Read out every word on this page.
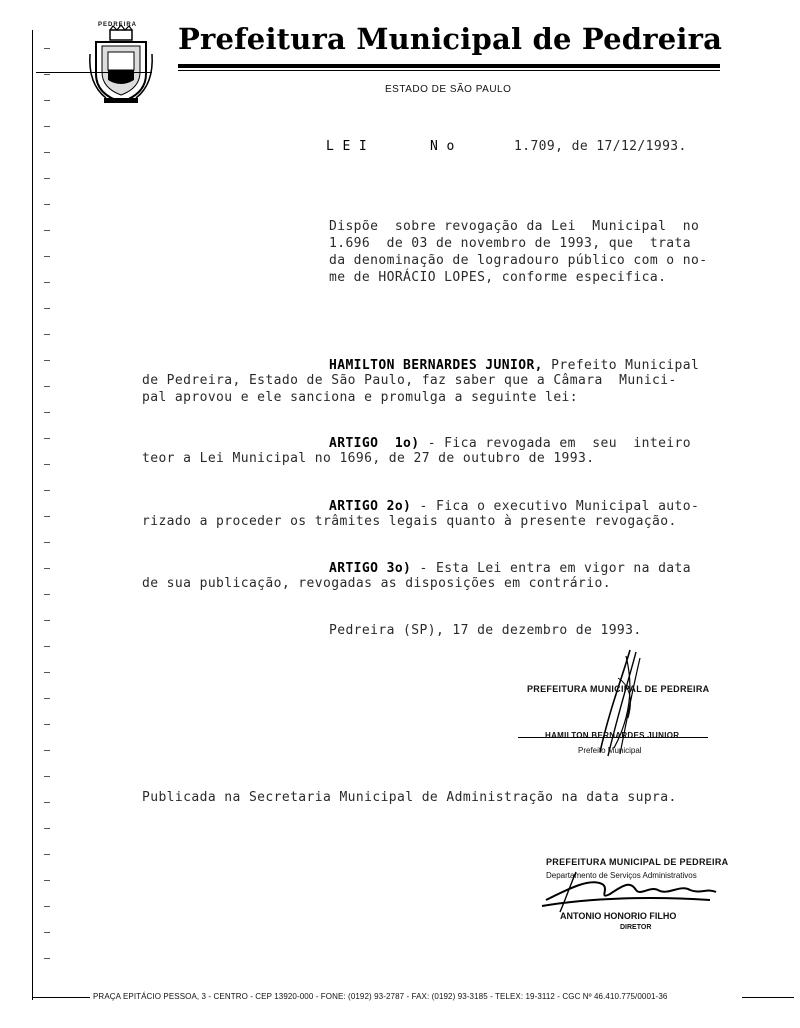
PEDREIRA Prefeitura Municipal de Pedreira
ESTADO DE SÃO PAULO
L E I	N o	1.709, de 17/12/1993.
Dispõe  sobre revogação da Lei  Municipal  no
1.696  de 03 de novembro de 1993, que  trata
da denominação de logradouro público com o no-
me de HORÁCIO LOPES, conforme especifica.
HAMILTON BERNARDES JUNIOR, Prefeito Municipal
de Pedreira, Estado de São Paulo, faz saber que a Câmara  Munici-
pal aprovou e ele sanciona e promulga a seguinte lei:
ARTIGO  1o) - Fica revogada em  seu  inteiro
teor a Lei Municipal no 1696, de 27 de outubro de 1993.
ARTIGO 2o) - Fica o executivo Municipal auto-
rizado a proceder os trâmites legais quanto à presente revogação.
ARTIGO 3o) - Esta Lei entra em vigor na data
de sua publicação, revogadas as disposições em contrário.
Pedreira (SP), 17 de dezembro de 1993.
PREFEITURA MUNICIPAL DE PEDREIRA
HAMILTON BERNARDES JUNIOR
Prefeito Municipal
Publicada na Secretaria Municipal de Administração na data supra.
PREFEITURA MUNICIPAL DE PEDREIRA
Departamento de Serviços Administrativos
ANTONIO HONORIO FILHO
DIRETOR
PRAÇA EPITÁCIO PESSOA, 3 - CENTRO - CEP 13920-000 - FONE: (0192) 93-2787 - FAX: (0192) 93-3185 - TELEX: 19-3112 - CGC Nº 46.410.775/0001-36
